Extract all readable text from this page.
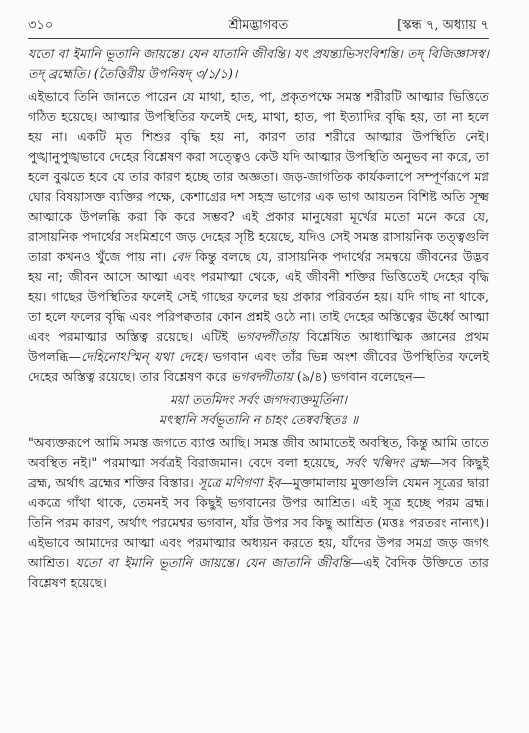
৩১০	শ্রীমদ্ভাগবত	[স্কন্ধ ৭, অধ্যায় ৭

যতো বা ইমানি ভূতানি জায়ন্তে। যেন যাতানি জীবন্তি। যৎ প্রযন্ত্যভিসংবিশন্তি। তদ্ বিজিজ্ঞাসস্ব। তদ্ ব্রহ্মেতি। (তৈত্তিরীয় উপনিষদ্ ৩/১/১)।

এইভাবে তিনি জানতে পারেন যে মাথা, হাত, পা, প্রকৃতপক্ষে সমস্ত শরীরটি আত্মার ভিত্তিতে গঠিত হয়েছে। আত্মার উপস্থিতির ফলেই দেহ, মাথা, হাত, পা ইত্যাদির বৃদ্ধি হয়, তা না হলে হয় না। একটি মৃত শিশুর বৃদ্ধি হয় না, কারণ তার শরীরে আত্মার উপস্থিতি নেই। পুঙ্খানুপুঙ্খভাবে দেহের বিশ্লেষণ করা সত্ত্বেও কেউ যদি আত্মার উপস্থিতি অনুভব না করে, তা হলে বুঝতে হবে যে তার কারণ হচ্ছে তার অজ্ঞতা। জড়-জাগতিক কার্যকলাপে সম্পূর্ণরূপে মগ্ন ঘোর বিষয়াসক্ত ব্যক্তির পক্ষে, কেশাগ্রের দশ সহস্র ভাগের এক ভাগ আয়তন বিশিষ্ট অতি সূক্ষ্ম আত্মাকে উপলব্ধি করা কি করে সম্ভব? এই প্রকার মানুষেরা মূর্খের মতো মনে করে যে, রাসায়নিক পদার্থের সংমিশ্রণে জড় দেহের সৃষ্টি হয়েছে, যদিও সেই সমস্ত রাসায়নিক তত্ত্বগুলি তারা কখনও খুঁজে পায় না। বেদ কিন্তু বলছে যে, রাসায়নিক পদার্থের সমন্বয়ে জীবনের উদ্ভব হয় না; জীবন আসে আত্মা এবং পরমাত্মা থেকে, এই জীবনী শক্তির ভিত্তিতেই দেহের বৃদ্ধি হয়। গাছের উপস্থিতির ফলেই সেই গাছের ফলের ছয় প্রকার পরিবর্তন হয়। যদি গাছ না থাকে, তা হলে ফলের বৃদ্ধি এবং পরিপক্বতার কোন প্রশ্নই ওঠে না। তাই দেহের অস্তিত্বের ঊর্ধ্বে আত্মা এবং পরমাত্মার অস্তিত্ব রয়েছে। এটিই ভগবদ্গীতায় বিশ্লেষিত আধ্যাত্মিক জ্ঞানের প্রথম উপলব্ধি—দেহিনোঽস্মিন্ যথা দেহে। ভগবান এবং তাঁর ভিন্ন অংশ জীবের উপস্থিতির ফলেই দেহের অস্তিত্ব রয়েছে। তার বিশ্লেষণ করে ভগবদ্গীতায় (৯/৪) ভগবান বলেছেন—

ময়া ততমিদং সর্বং জগদব্যক্তমূর্তিনা।
মৎস্থানি সর্বভূতানি ন চাহং তেষ্ববস্থিতঃ ॥

"অব্যক্তরূপে আমি সমস্ত জগতে ব্যাপ্ত আছি। সমস্ত জীব আমাতেই অবস্থিত, কিন্তু আমি তাতে অবস্থিত নই।" পরমাত্মা সর্বত্রই বিরাজমান। বেদে বলা হয়েছে, সর্বং খল্বিদং ব্রহ্ম—সব কিছুই ব্রহ্ম, অর্থাৎ ব্রহ্মের শক্তির বিস্তার। সূত্রে মণিগণা ইব—মুক্তামালায় মুক্তাগুলি যেমন সূত্রের দ্বারা একত্রে গাঁথা থাকে, তেমনই সব কিছুই ভগবানের উপর আশ্রিত। এই সূত্র হচ্ছে পরম ব্রহ্ম। তিনি পরম কারণ, অর্থাৎ পরমেশ্বর ভগবান, যাঁর উপর সব কিছু আশ্রিত (মত্তঃ পরতরং নান্যৎ)। এইভাবে আমাদের আত্মা এবং পরমাত্মার অধ্যয়ন করতে হয়, যাঁদের উপর সমগ্র জড় জগৎ আশ্রিত। যতো বা ইমানি ভূতানি জায়ন্তে। যেন জাতানি জীবন্তি—এই বৈদিক উক্তিতে তার বিশ্লেষণ হয়েছে।
